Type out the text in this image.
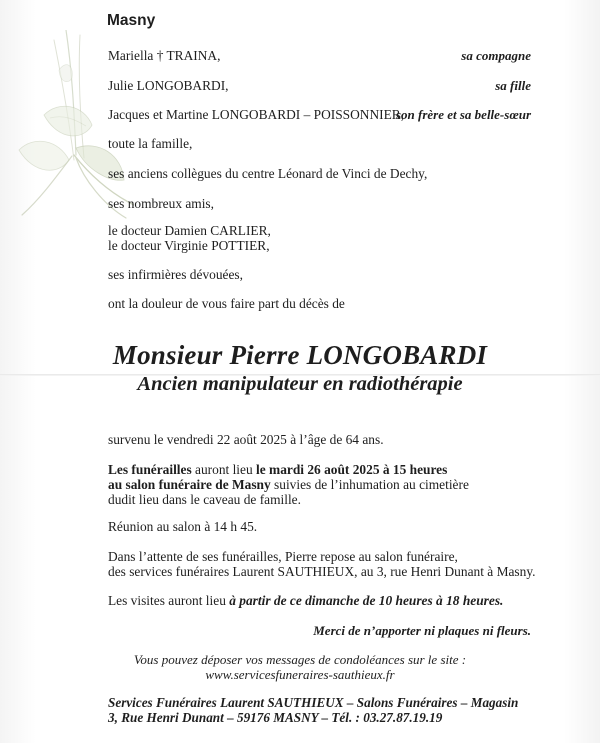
Masny
Mariella † TRAINA,	sa compagne
Julie LONGOBARDI,	sa fille
Jacques et Martine LONGOBARDI – POISSONNIER,
son frère et sa belle-sœur
toute la famille,
ses anciens collègues du centre Léonard de Vinci de Dechy,
ses nombreux amis,
le docteur Damien CARLIER,
le docteur Virginie POTTIER,
ses infirmières dévouées,
ont la douleur de vous faire part du décès de
Monsieur Pierre LONGOBARDI
Ancien manipulateur en radiothérapie
survenu le vendredi 22 août 2025 à l’âge de 64 ans.
Les funérailles auront lieu le mardi 26 août 2025 à 15 heures
au salon funéraire de Masny suivies de l’inhumation au cimetière
dudit lieu dans le caveau de famille.
Réunion au salon à 14 h 45.
Dans l’attente de ses funérailles, Pierre repose au salon funéraire,
des services funéraires Laurent SAUTHIEUX, au 3, rue Henri Dunant à Masny.
Les visites auront lieu à partir de ce dimanche de 10 heures à 18 heures.
Merci de n’apporter ni plaques ni fleurs.
Vous pouvez déposer vos messages de condoléances sur le site :
www.servicesfuneraires-sauthieux.fr
Services Funéraires Laurent SAUTHIEUX – Salons Funéraires – Magasin
3, Rue Henri Dunant – 59176 MASNY – Tél. : 03.27.87.19.19
